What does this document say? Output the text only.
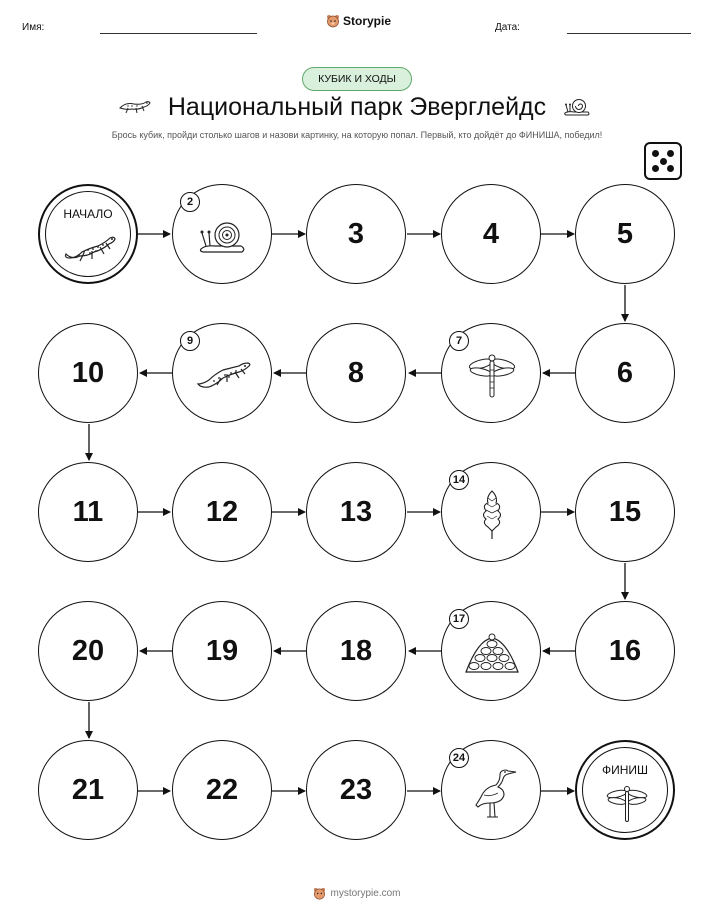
Имя:	Storypie	Дата:
КУБИК И ХОДЫ
Национальный парк Эверглейдс
Брось кубик, пройди столько шагов и назови картинку, на которую попал. Первый, кто дойдёт до ФИНИША, победил!
НАЧАЛО
2
3	4	5
10
9
8
7
6
11	12	13
14
15
20	19	18
17
16
21	22	23
24
ФИНИШ
mystorypie.com
